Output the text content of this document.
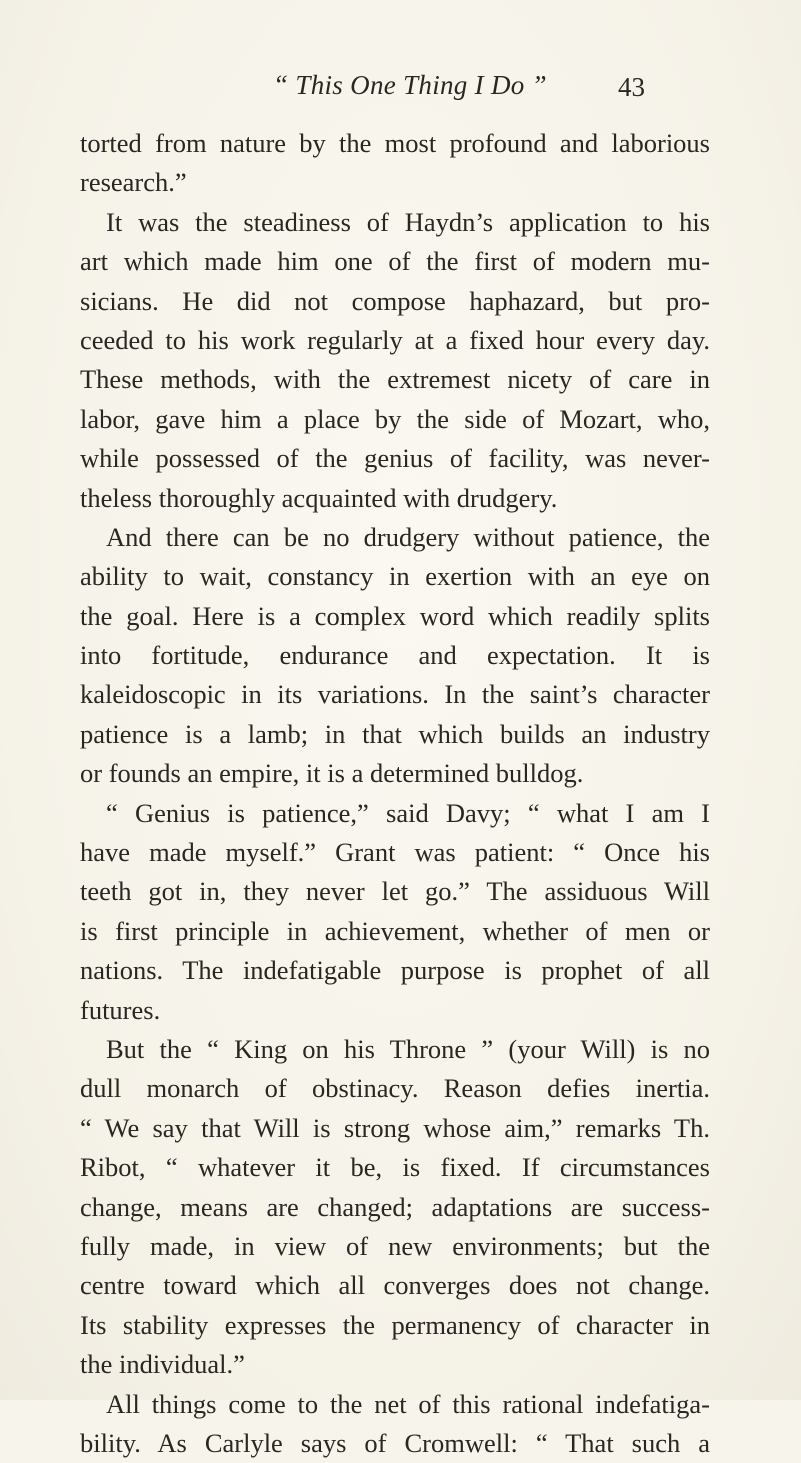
“ This One Thing I Do ”	43
torted from nature by the most profound and laborious
research.”
It was the steadiness of Haydn’s application to his
art which made him one of the first of modern mu-
sicians. He did not compose haphazard, but pro-
ceeded to his work regularly at a fixed hour every day.
These methods, with the extremest nicety of care in
labor, gave him a place by the side of Mozart, who,
while possessed of the genius of facility, was never-
theless thoroughly acquainted with drudgery.
And there can be no drudgery without patience, the
ability to wait, constancy in exertion with an eye on
the goal. Here is a complex word which readily splits
into fortitude, endurance and expectation. It is
kaleidoscopic in its variations. In the saint’s character
patience is a lamb; in that which builds an industry
or founds an empire, it is a determined bulldog.
“ Genius is patience,” said Davy; “ what I am I
have made myself.” Grant was patient: “ Once his
teeth got in, they never let go.” The assiduous Will
is first principle in achievement, whether of men or
nations. The indefatigable purpose is prophet of all
futures.
But the “ King on his Throne ” (your Will) is no
dull monarch of obstinacy. Reason defies inertia.
“ We say that Will is strong whose aim,” remarks Th.
Ribot, “ whatever it be, is fixed. If circumstances
change, means are changed; adaptations are success-
fully made, in view of new environments; but the
centre toward which all converges does not change.
Its stability expresses the permanency of character in
the individual.”
All things come to the net of this rational indefatiga-
bility. As Carlyle says of Cromwell: “ That such a
